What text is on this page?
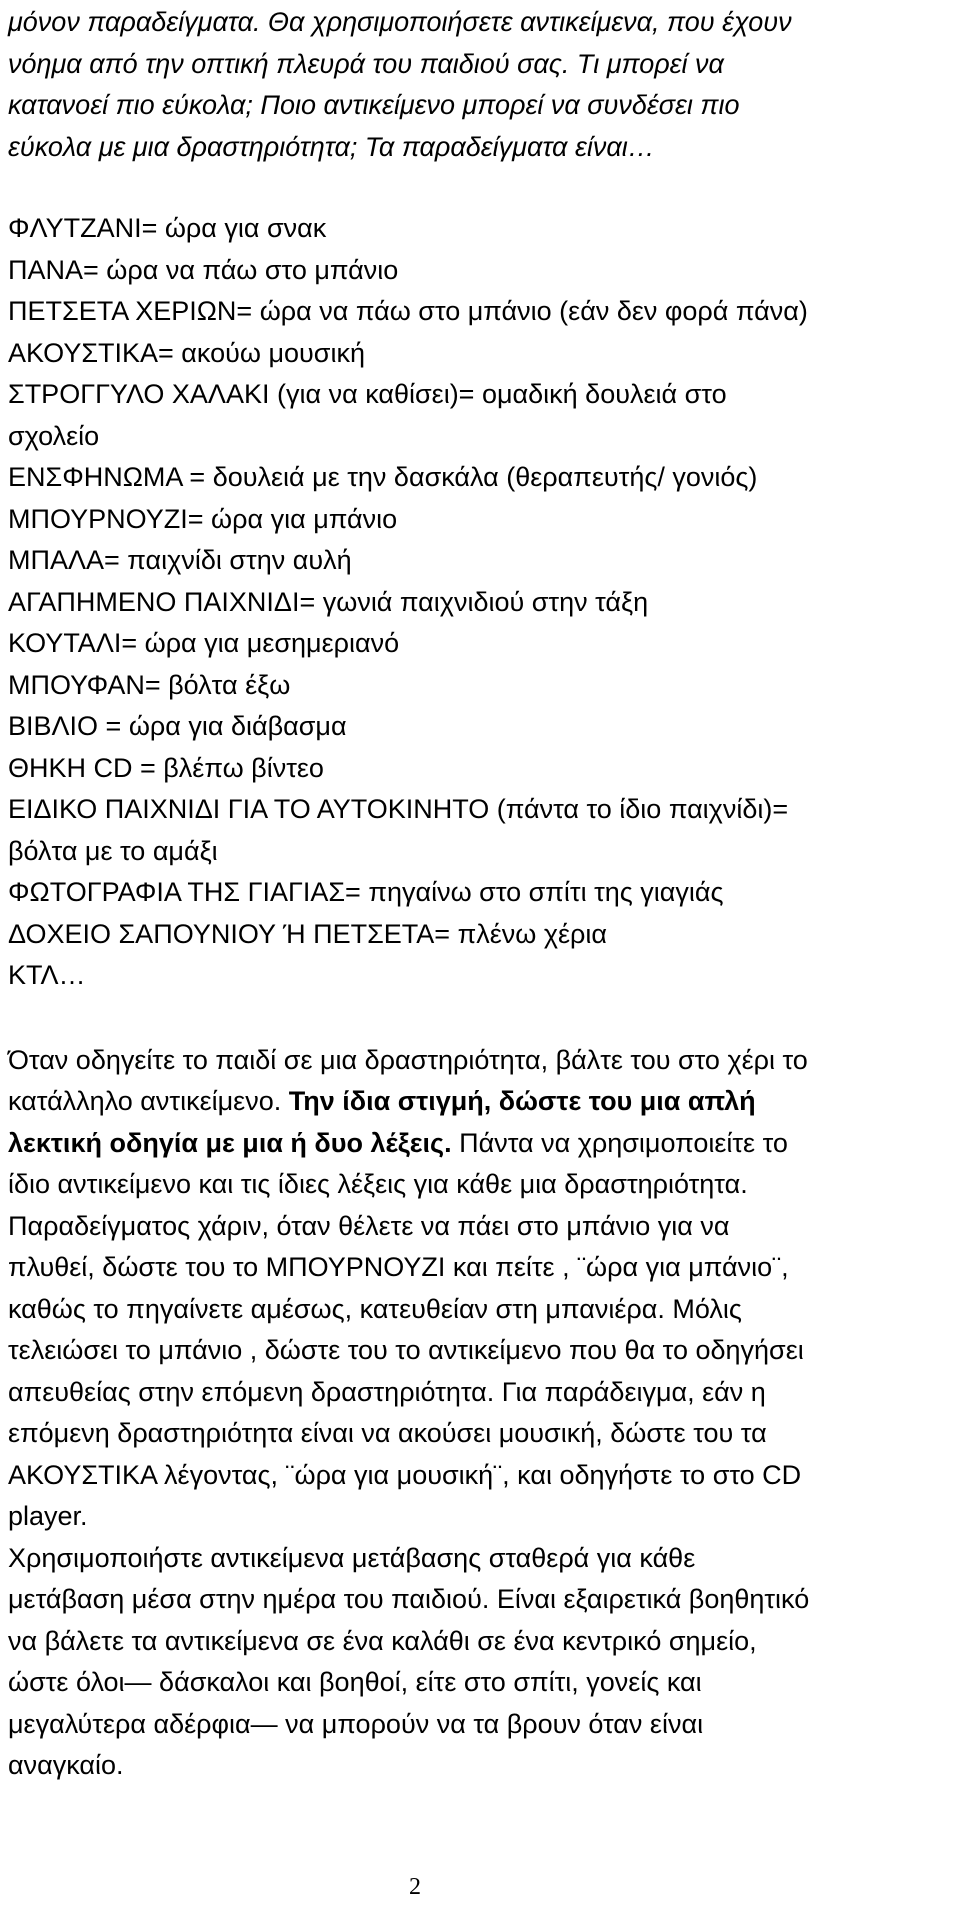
μόνον παραδείγματα. Θα χρησιμοποιήσετε αντικείμενα, που έχουν
νόημα από την οπτική πλευρά του παιδιού σας. Τι μπορεί να
κατανοεί πιο εύκολα; Ποιο αντικείμενο μπορεί να συνδέσει πιο
εύκολα με μια δραστηριότητα; Τα παραδείγματα είναι…
ΦΛΥΤΖΑΝΙ= ώρα για σνακ
ΠΑΝΑ= ώρα να πάω στο μπάνιο
ΠΕΤΣΕΤΑ ΧΕΡΙΩΝ= ώρα να πάω στο μπάνιο (εάν δεν φορά πάνα)
ΑΚΟΥΣΤΙΚΑ= ακούω μουσική
ΣΤΡΟΓΓΥΛΟ ΧΑΛΑΚΙ (για να καθίσει)= ομαδική δουλειά στο
σχολείο
ΕΝΣΦΗΝΩΜΑ = δουλειά με την δασκάλα (θεραπευτής/ γονιός)
ΜΠΟΥΡΝΟΥΖΙ= ώρα για μπάνιο
ΜΠΑΛΑ= παιχνίδι στην αυλή
ΑΓΑΠΗΜΕΝΟ ΠΑΙΧΝΙΔΙ= γωνιά παιχνιδιού στην τάξη
ΚΟΥΤΑΛΙ= ώρα για μεσημεριανό
ΜΠΟΥΦΑΝ= βόλτα έξω
ΒΙΒΛΙΟ = ώρα για διάβασμα
ΘΗΚΗ CD = βλέπω βίντεο
ΕΙΔΙΚΟ ΠΑΙΧΝΙΔΙ ΓΙΑ ΤΟ ΑΥΤΟΚΙΝΗΤΟ (πάντα το ίδιο παιχνίδι)=
βόλτα με το αμάξι
ΦΩΤΟΓΡΑΦΙΑ ΤΗΣ ΓΙΑΓΙΑΣ= πηγαίνω στο σπίτι της γιαγιάς
ΔΟΧΕΙΟ ΣΑΠΟΥΝΙΟΥ Ή ΠΕΤΣΕΤΑ= πλένω χέρια
ΚΤΛ…
Όταν οδηγείτε το παιδί σε μια δραστηριότητα, βάλτε του στο χέρι το
κατάλληλο αντικείμενο. Την ίδια στιγμή, δώστε του μια απλή
λεκτική οδηγία με μια ή δυο λέξεις. Πάντα να χρησιμοποιείτε το
ίδιο αντικείμενο και τις ίδιες λέξεις για κάθε μια δραστηριότητα.
Παραδείγματος χάριν, όταν θέλετε να πάει στο μπάνιο για να
πλυθεί, δώστε του το ΜΠΟΥΡΝΟΥΖΙ και πείτε , ¨ώρα για μπάνιο¨,
καθώς το πηγαίνετε αμέσως, κατευθείαν στη μπανιέρα. Μόλις
τελειώσει το μπάνιο , δώστε του το αντικείμενο που θα το οδηγήσει
απευθείας στην επόμενη δραστηριότητα. Για παράδειγμα, εάν η
επόμενη δραστηριότητα είναι να ακούσει μουσική, δώστε του τα
ΑΚΟΥΣΤΙΚΑ λέγοντας, ¨ώρα για μουσική¨, και οδηγήστε το στο CD
player.
Χρησιμοποιήστε αντικείμενα μετάβασης σταθερά για κάθε
μετάβαση μέσα στην ημέρα του παιδιού. Είναι εξαιρετικά βοηθητικό
να βάλετε τα αντικείμενα σε ένα καλάθι σε ένα κεντρικό σημείο,
ώστε όλοι— δάσκαλοι και βοηθοί, είτε στο σπίτι, γονείς και
μεγαλύτερα αδέρφια— να μπορούν να τα βρουν όταν είναι
αναγκαίο.
2
